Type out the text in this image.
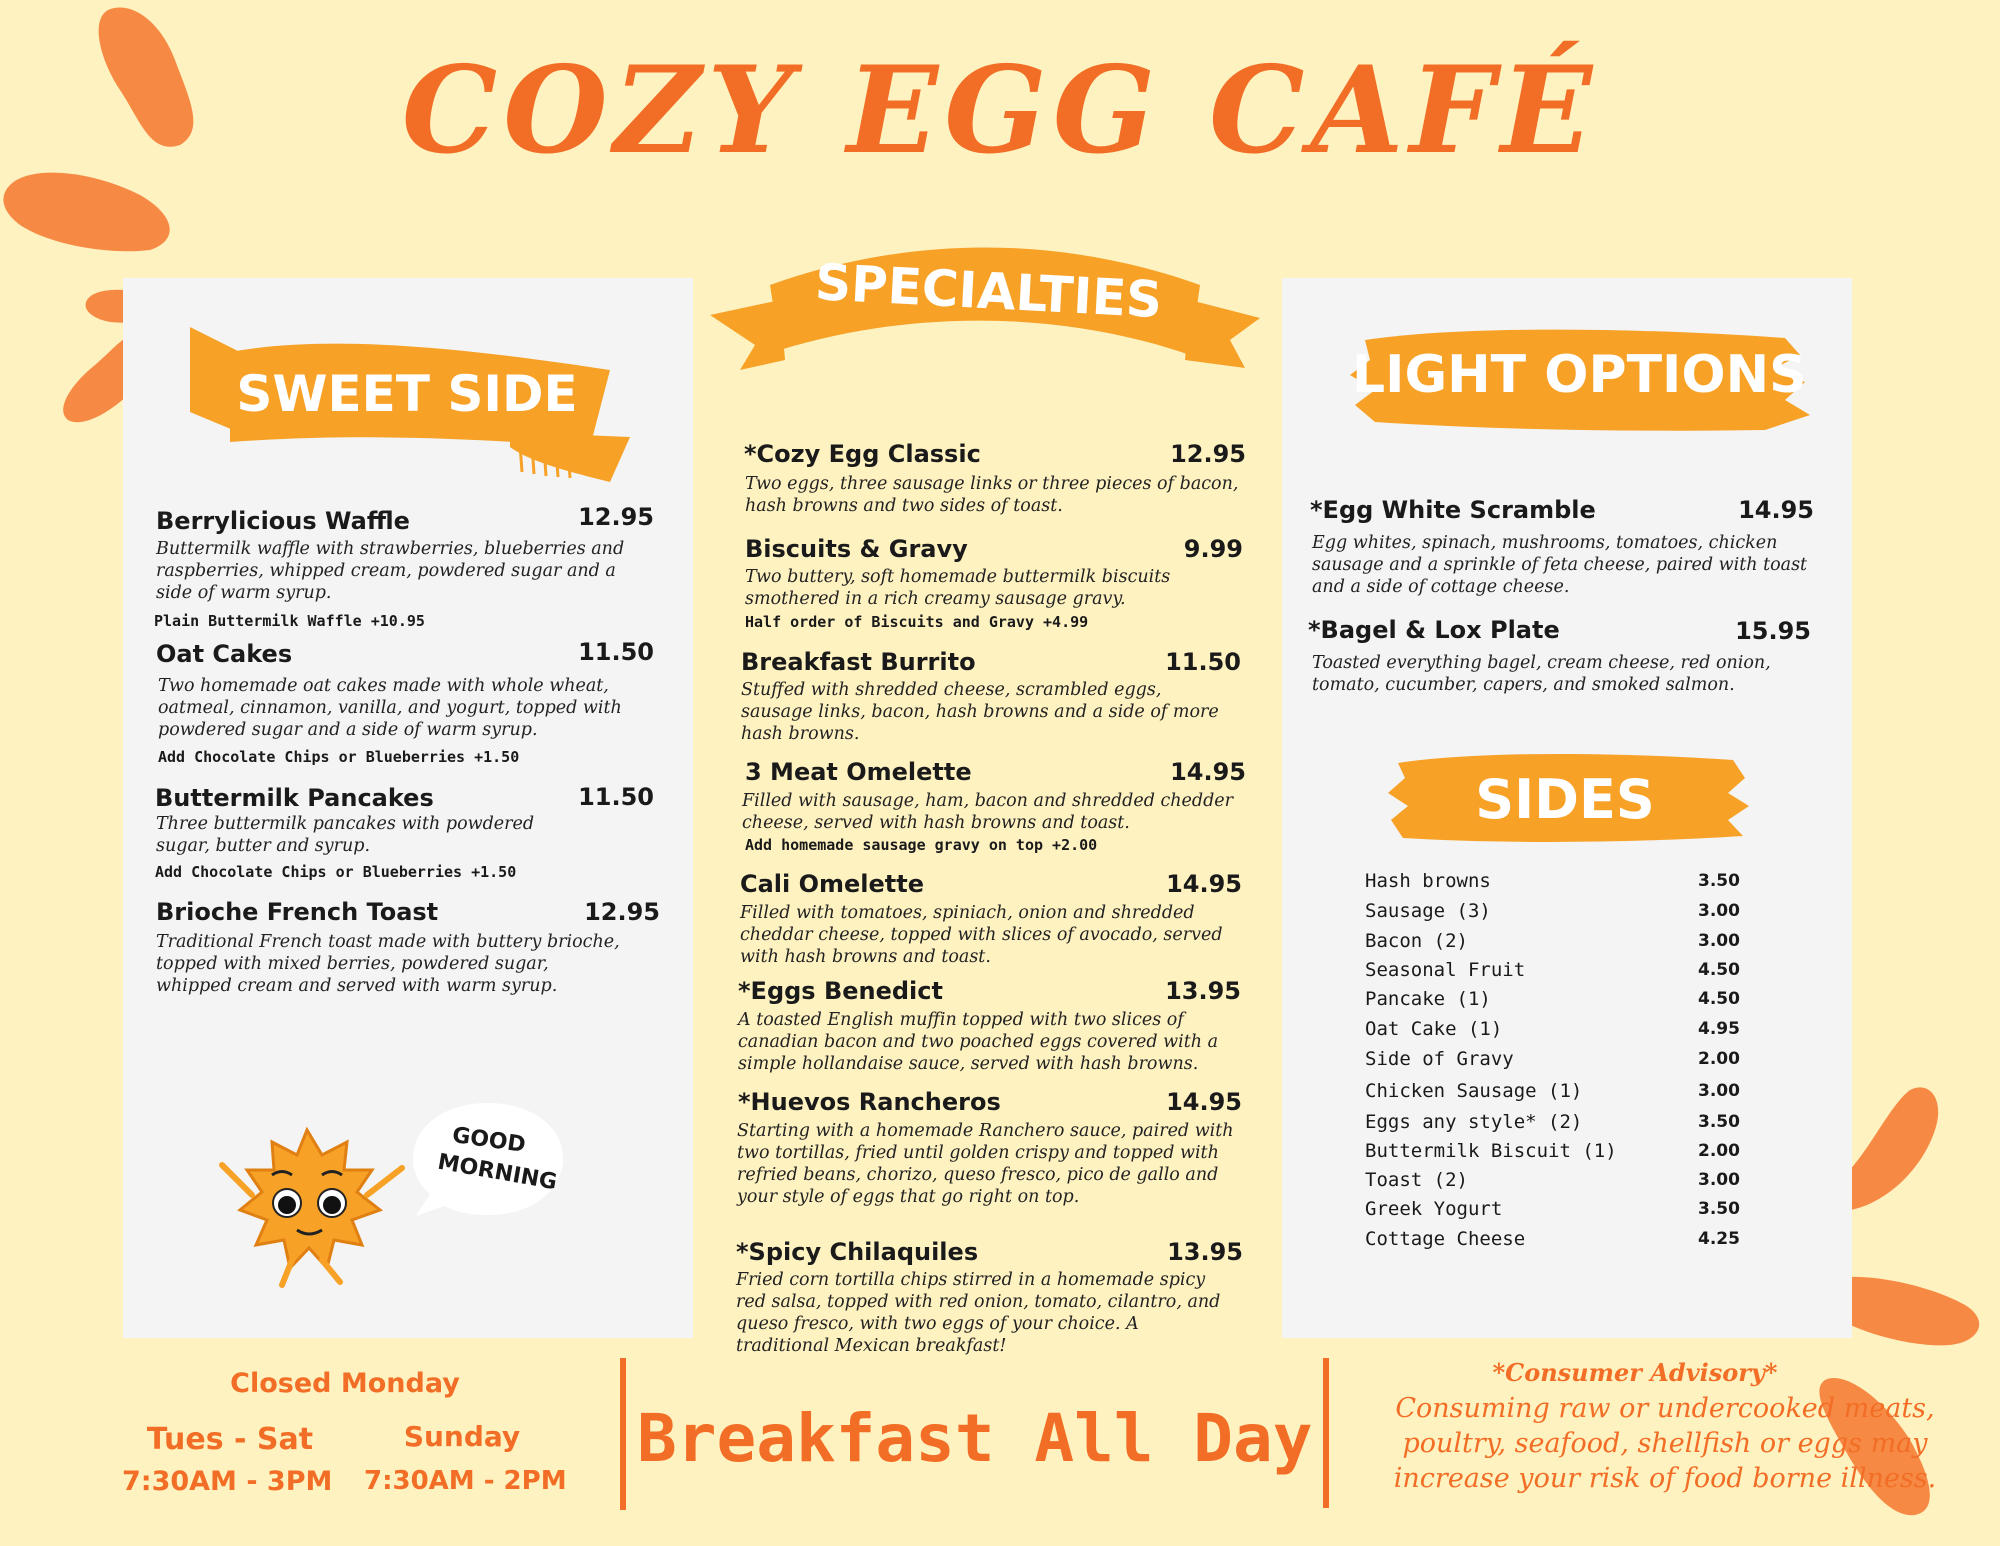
COZY EGG CAFÉ
SWEET SIDE
Berrylicious Waffle	12.95
Buttermilk waffle with strawberries, blueberries and raspberries, whipped cream, powdered sugar and a side of warm syrup.
Plain Buttermilk Waffle +10.95
Oat Cakes	11.50
Two homemade oat cakes made with whole wheat, oatmeal, cinnamon, vanilla, and yogurt, topped with powdered sugar and a side of warm syrup.
Add Chocolate Chips or Blueberries +1.50
Buttermilk Pancakes	11.50
Three buttermilk pancakes with powdered sugar, butter and syrup.
Add Chocolate Chips or Blueberries +1.50
Brioche French Toast	12.95
Traditional French toast made with buttery brioche, topped with mixed berries, powdered sugar, whipped cream and served with warm syrup.
GOOD
MORNING
SPECIALTIES
*Cozy Egg Classic	12.95
Two eggs, three sausage links or three pieces of bacon, hash browns and two sides of toast.
Biscuits & Gravy	9.99
Two buttery, soft homemade buttermilk biscuits smothered in a rich creamy sausage gravy.
Half order of Biscuits and Gravy +4.99
Breakfast Burrito	11.50
Stuffed with shredded cheese, scrambled eggs, sausage links, bacon, hash browns and a side of more hash browns.
3 Meat Omelette	14.95
Filled with sausage, ham, bacon and shredded chedder cheese, served with hash browns and toast.
Add homemade sausage gravy on top +2.00
Cali Omelette	14.95
Filled with tomatoes, spiniach, onion and shredded cheddar cheese, topped with slices of avocado, served with hash browns and toast.
*Eggs Benedict	13.95
A toasted English muffin topped with two slices of canadian bacon and two poached eggs covered with a simple hollandaise sauce, served with hash browns.
*Huevos Rancheros	14.95
Starting with a homemade Ranchero sauce, paired with two tortillas, fried until golden crispy and topped with refried beans, chorizo, queso fresco, pico de gallo and your style of eggs that go right on top.
*Spicy Chilaquiles	13.95
Fried corn tortilla chips stirred in a homemade spicy red salsa, topped with red onion, tomato, cilantro, and queso fresco, with two eggs of your choice. A traditional Mexican breakfast!
LIGHT OPTIONS
*Egg White Scramble	14.95
Egg whites, spinach, mushrooms, tomatoes, chicken sausage and a sprinkle of feta cheese, paired with toast and a side of cottage cheese.
*Bagel & Lox Plate	15.95
Toasted everything bagel, cream cheese, red onion, tomato, cucumber, capers, and smoked salmon.
SIDES
Hash browns	3.50
Sausage (3)	3.00
Bacon (2)	3.00
Seasonal Fruit	4.50
Pancake (1)	4.50
Oat Cake (1)	4.95
Side of Gravy	2.00
Chicken Sausage (1)	3.00
Eggs any style* (2)	3.50
Buttermilk Biscuit (1)	2.00
Toast (2)	3.00
Greek Yogurt	3.50
Cottage Cheese	4.25
Closed Monday
Tues - Sat
7:30AM - 3PM
Sunday
7:30AM - 2PM
Breakfast All Day
*Consumer Advisory*
Consuming raw or undercooked meats,
poultry, seafood, shellfish or eggs may
increase your risk of food borne illness.
